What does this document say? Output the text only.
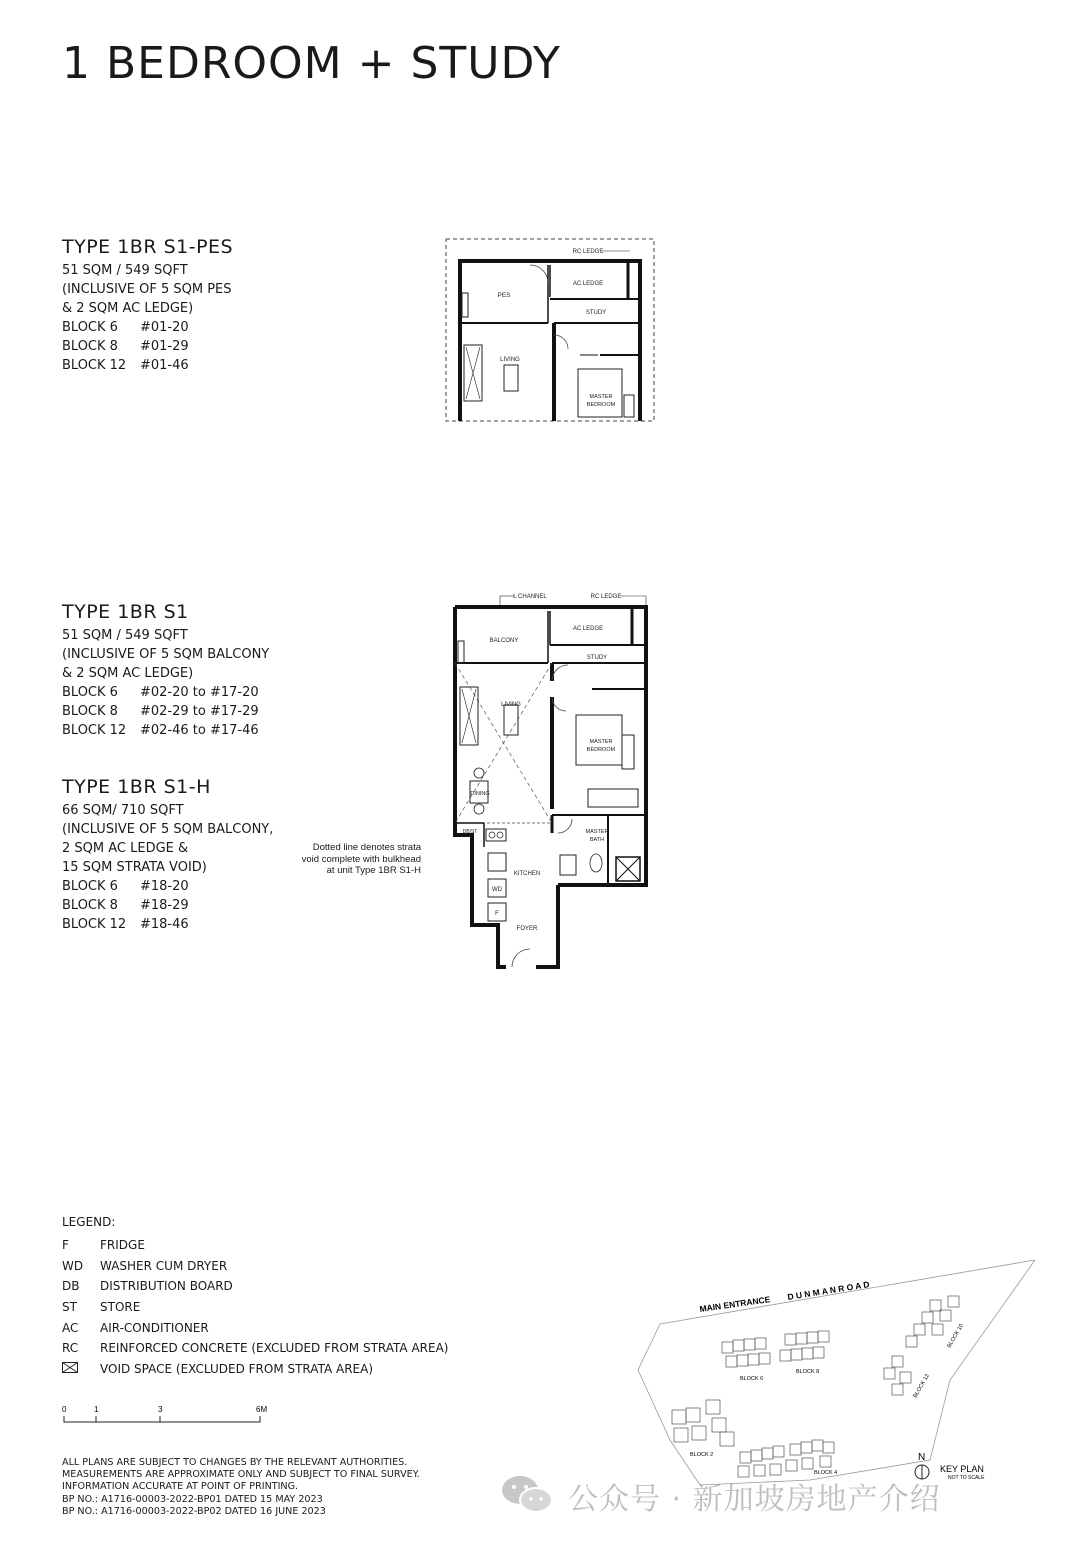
1 BEDROOM + STUDY
TYPE 1BR S1-PES
51 SQM / 549 SQFT
(INCLUSIVE OF 5 SQM PES
& 2 SQM AC LEDGE)
BLOCK 6 #01-20
BLOCK 8 #01-29
BLOCK 12 #01-46
TYPE 1BR S1
51 SQM / 549 SQFT
(INCLUSIVE OF 5 SQM BALCONY
& 2 SQM AC LEDGE)
BLOCK 6 #02-20 to #17-20
BLOCK 8 #02-29 to #17-29
BLOCK 12 #02-46 to #17-46
TYPE 1BR S1-H
66 SQM/ 710 SQFT
(INCLUSIVE OF 5 SQM BALCONY,
2 SQM AC LEDGE &
15 SQM STRATA VOID)
BLOCK 6 #18-20
BLOCK 8 #18-29
BLOCK 12 #18-46
RC LEDGE
AC LEDGE
PES
STUDY
LIVING
MASTER
BEDROOM
L CHANNEL	RC LEDGE
BALCONY
AC LEDGE
STUDY
LIVING
MASTER
BEDROOM
DINING
DB/ST	MASTER
BATH
KITCHEN
WD
F
FOYER
Dotted line denotes strata
void complete with bulkhead
at unit Type 1BR S1-H
LEGEND:
F	FRIDGE
WD	WASHER CUM DRYER
DB	DISTRIBUTION BOARD
ST	STORE
AC	AIR-CONDITIONER
RC	REINFORCED CONCRETE (EXCLUDED FROM STRATA AREA)
VOID SPACE (EXCLUDED FROM STRATA AREA)
0	1	3	6M
ALL PLANS ARE SUBJECT TO CHANGES BY THE RELEVANT AUTHORITIES.
MEASUREMENTS ARE APPROXIMATE ONLY AND SUBJECT TO FINAL SURVEY.
INFORMATION ACCURATE AT POINT OF PRINTING.
BP NO.: A1716-00003-2022-BP01 DATED 15 MAY 2023
BP NO.: A1716-00003-2022-BP02 DATED 16 JUNE 2023
MAIN ENTRANCE
D U N M A N R O A D
BLOCK 6
BLOCK 8
BLOCK 2
BLOCK 4
BLOCK 12
BLOCK 10
N
KEY PLAN
NOT TO SCALE
公众号 · 新加坡房地产介绍
